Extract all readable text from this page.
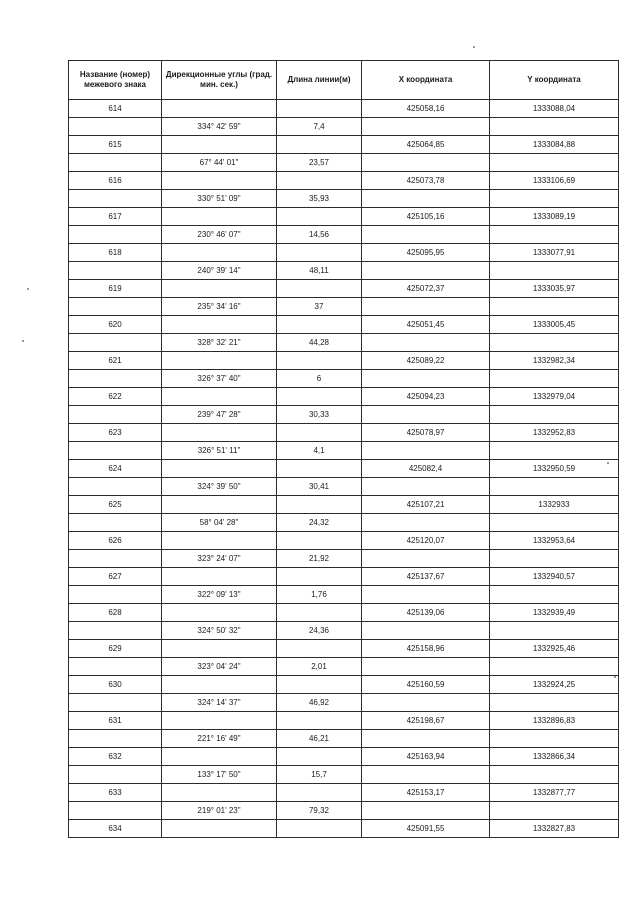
Название (номер) межевого знака	Дирекционные углы (град. мин. сек.)	Длина линии(м)	X координата	Y координата
614			425058,16	1333088,04
	334° 42' 59"	7,4		
615			425064,85	1333084,88
	67° 44' 01"	23,57		
616			425073,78	1333106,69
	330° 51' 09"	35,93		
617			425105,16	1333089,19
	230° 46' 07"	14,56		
618			425095,95	1333077,91
	240° 39' 14"	48,11		
619			425072,37	1333035,97
	235° 34' 16"	37		
620			425051,45	1333005,45
	328° 32' 21"	44,28		
621			425089,22	1332982,34
	326° 37' 40"	6		
622			425094,23	1332979,04
	239° 47' 28"	30,33		
623			425078,97	1332952,83
	326° 51' 11"	4,1		
624			425082,4	1332950,59
	324° 39' 50"	30,41		
625			425107,21	1332933
	58° 04' 28"	24,32		
626			425120,07	1332953,64
	323° 24' 07"	21,92		
627			425137,67	1332940,57
	322° 09' 13"	1,76		
628			425139,06	1332939,49
	324° 50' 32"	24,36		
629			425158,96	1332925,46
	323° 04' 24"	2,01		
630			425160,59	1332924,25
	324° 14' 37"	46,92		
631			425198,67	1332896,83
	221° 16' 49"	46,21		
632			425163,94	1332866,34
	133° 17' 50"	15,7		
633			425153,17	1332877,77
	219° 01' 23"	79,32		
634			425091,55	1332827,83
